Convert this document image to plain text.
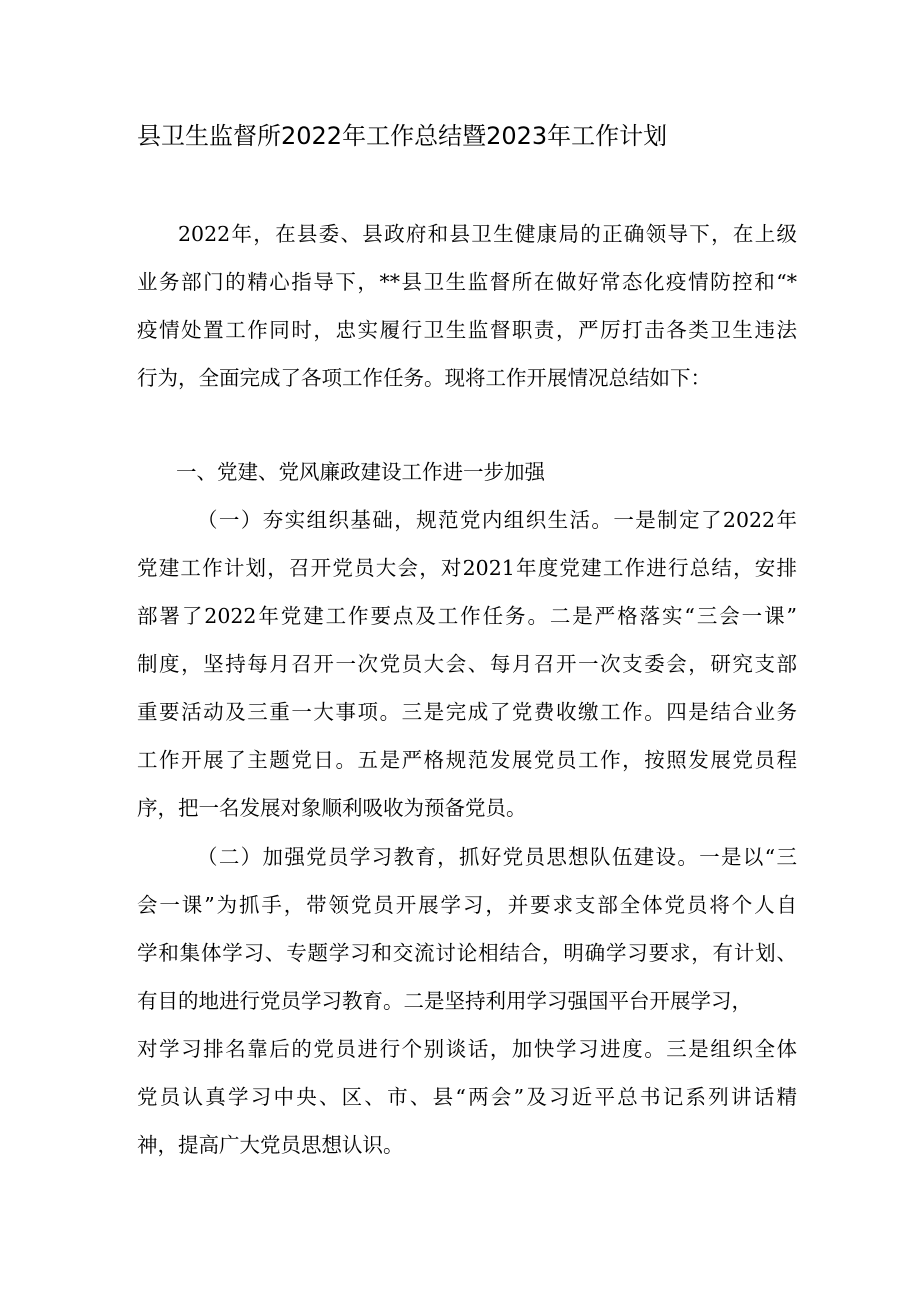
县卫生监督所2022年工作总结暨2023年工作计划
2022年，在县委、县政府和县卫生健康局的正确领导下，在上级
业务部门的精心指导下，**县卫生监督所在做好常态化疫情防控和“*
疫情处置工作同时，忠实履行卫生监督职责，严厉打击各类卫生违法
行为，全面完成了各项工作任务。现将工作开展情况总结如下：
一、党建、党风廉政建设工作进一步加强
（一）夯实组织基础，规范党内组织生活。一是制定了2022年
党建工作计划，召开党员大会，对2021年度党建工作进行总结，安排
部署了2022年党建工作要点及工作任务。二是严格落实“三会一课”
制度，坚持每月召开一次党员大会、每月召开一次支委会，研究支部
重要活动及三重一大事项。三是完成了党费收缴工作。四是结合业务
工作开展了主题党日。五是严格规范发展党员工作，按照发展党员程
序，把一名发展对象顺利吸收为预备党员。
（二）加强党员学习教育，抓好党员思想队伍建设。一是以“三
会一课”为抓手，带领党员开展学习，并要求支部全体党员将个人自
学和集体学习、专题学习和交流讨论相结合，明确学习要求，有计划、
有目的地进行党员学习教育。二是坚持利用学习强国平台开展学习，
对学习排名靠后的党员进行个别谈话，加快学习进度。三是组织全体
党员认真学习中央、区、市、县“两会”及习近平总书记系列讲话精
神，提高广大党员思想认识。
